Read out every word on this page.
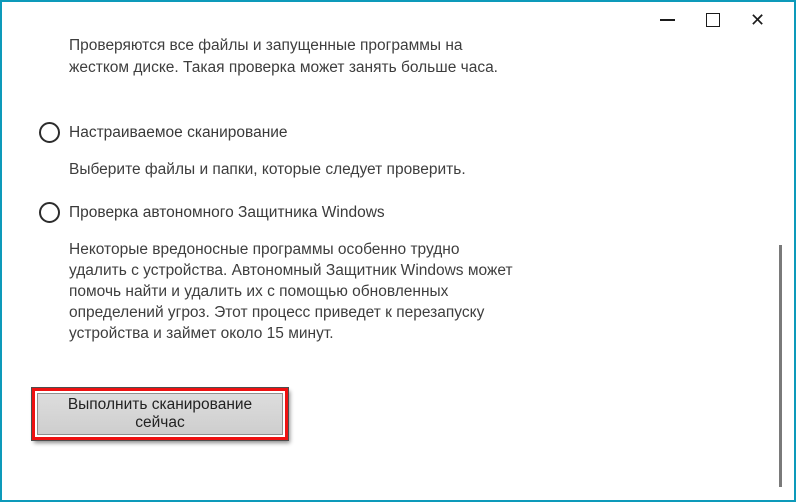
✕

Проверяются все файлы и запущенные программы на жестком диске. Такая проверка может занять больше часа.

Настраиваемое сканирование

Выберите файлы и папки, которые следует проверить.

Проверка автономного Защитника Windows

Некоторые вредоносные программы особенно трудно удалить с устройства. Автономный Защитник Windows может помочь найти и удалить их с помощью обновленных определений угроз. Этот процесс приведет к перезапуску устройства и займет около 15 минут.

Выполнить сканирование сейчас
